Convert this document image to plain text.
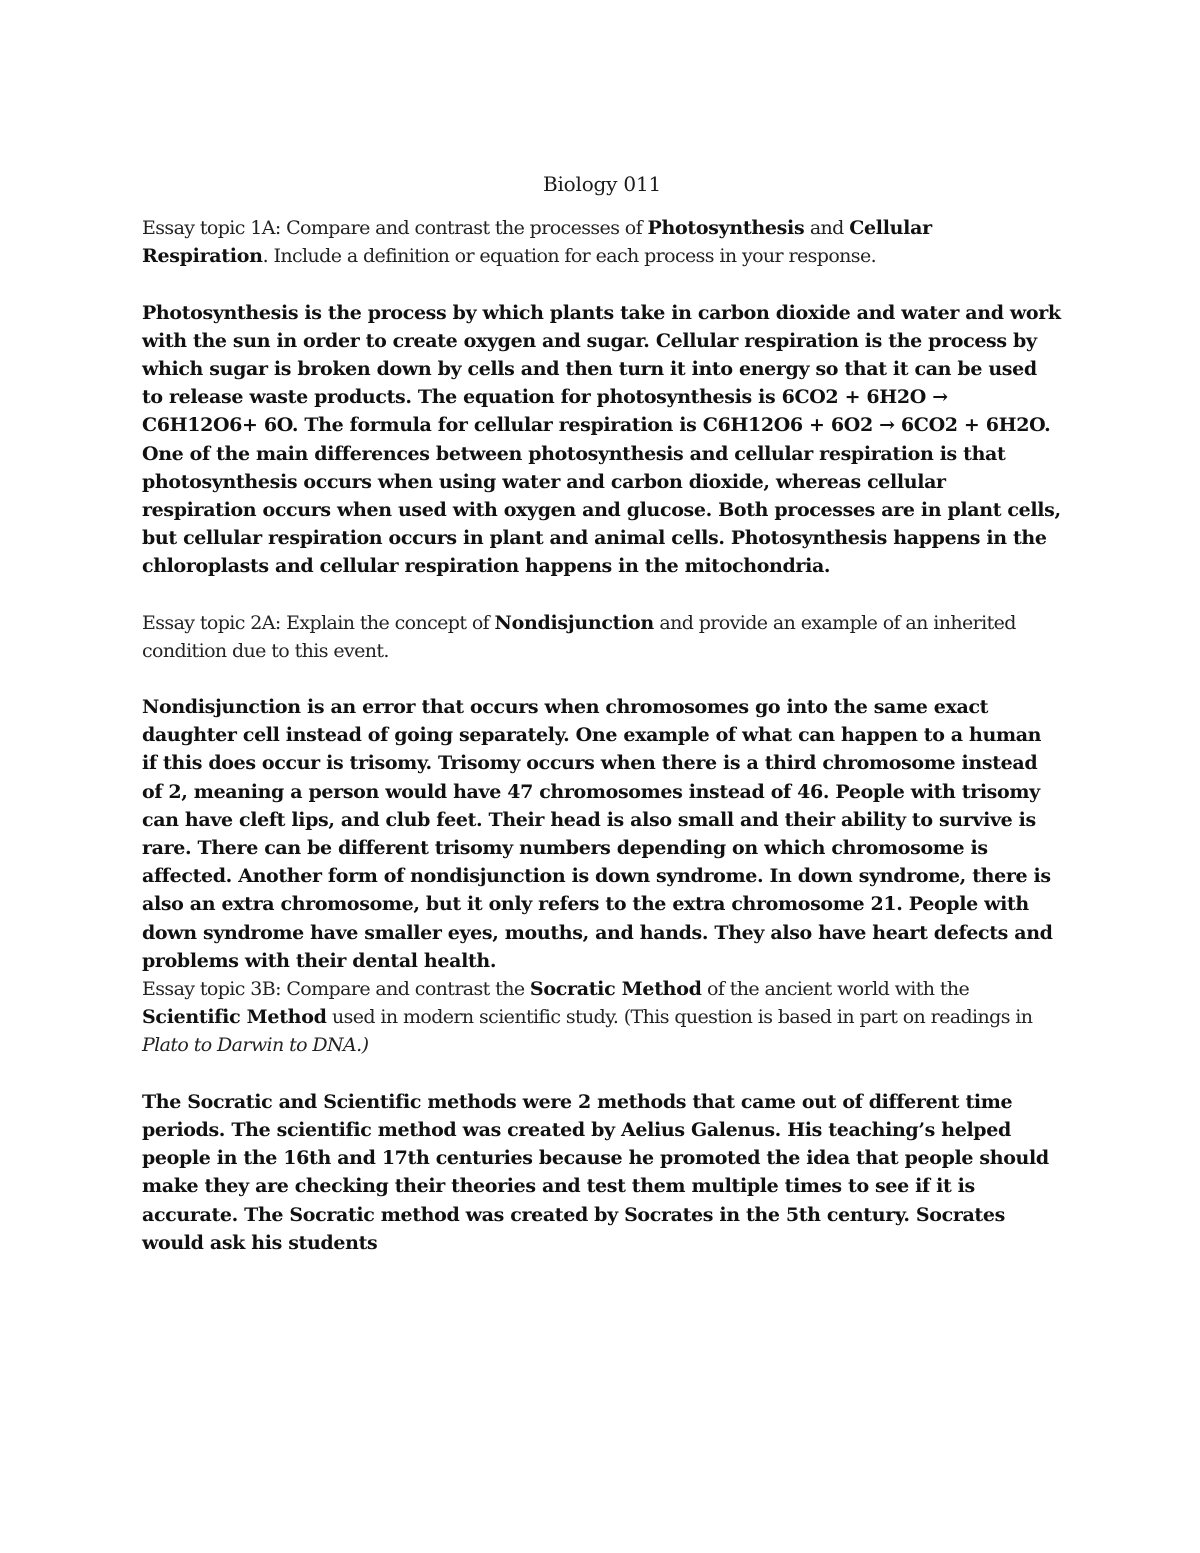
Biology 011

Essay topic 1A: Compare and contrast the processes of Photosynthesis and Cellular Respiration. Include a definition or equation for each process in your response.

Photosynthesis is the process by which plants take in carbon dioxide and water and work with the sun in order to create oxygen and sugar. Cellular respiration is the process by which sugar is broken down by cells and then turn it into energy so that it can be used to release waste products. The equation for photosynthesis is 6CO2 + 6H2O → C6H12O6+ 6O. The formula for cellular respiration is C6H12O6 + 6O2 → 6CO2 + 6H2O. One of the main differences between photosynthesis and cellular respiration is that photosynthesis occurs when using water and carbon dioxide, whereas cellular respiration occurs when used with oxygen and glucose. Both processes are in plant cells, but cellular respiration occurs in plant and animal cells. Photosynthesis happens in the chloroplasts and cellular respiration happens in the mitochondria.

Essay topic 2A: Explain the concept of Nondisjunction and provide an example of an inherited condition due to this event.

Nondisjunction is an error that occurs when chromosomes go into the same exact daughter cell instead of going separately. One example of what can happen to a human if this does occur is trisomy. Trisomy occurs when there is a third chromosome instead of 2, meaning a person would have 47 chromosomes instead of 46. People with trisomy can have cleft lips, and club feet. Their head is also small and their ability to survive is rare. There can be different trisomy numbers depending on which chromosome is affected. Another form of nondisjunction is down syndrome. In down syndrome, there is also an extra chromosome, but it only refers to the extra chromosome 21. People with down syndrome have smaller eyes, mouths, and hands. They also have heart defects and problems with their dental health.

Essay topic 3B: Compare and contrast the Socratic Method of the ancient world with the Scientific Method used in modern scientific study. (This question is based in part on readings in Plato to Darwin to DNA.)

The Socratic and Scientific methods were 2 methods that came out of different time periods. The scientific method was created by Aelius Galenus. His teaching’s helped people in the 16th and 17th centuries because he promoted the idea that people should make they are checking their theories and test them multiple times to see if it is accurate. The Socratic method was created by Socrates in the 5th century. Socrates would ask his students
